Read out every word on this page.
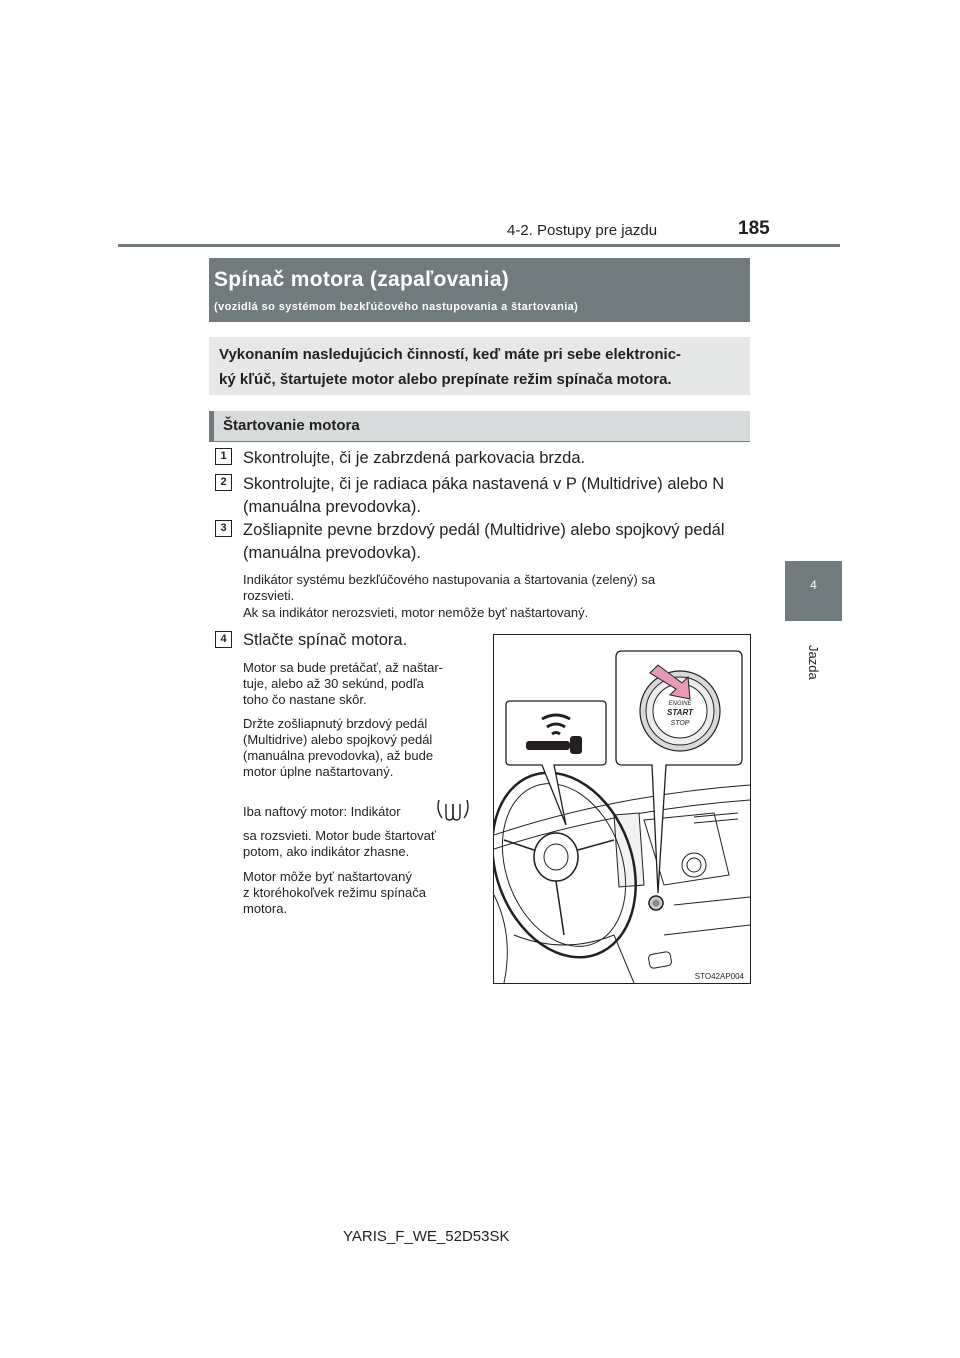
185
4-2. Postupy pre jazdu
4
Jazda
Spínač motora (zapaľovania)
(vozidlá so systémom bezkľúčového nastupovania a štartovania)

Vykonaním nasledujúcich činností, keď máte pri sebe elektronic-

ký kľúč, štartujete motor alebo prepínate režim spínača motora.

Štartovanie motora
1 Skontrolujte, či je zabrzdená parkovacia brzda.
2 Skontrolujte, či je radiaca páka nastavená v P (Multidrive) alebo N
(manuálna prevodovka).
3 Zošliapnite pevne brzdový pedál (Multidrive) alebo spojkový pedál
(manuálna prevodovka).
Indikátor systému bezkľúčového nastupovania a štartovania (zelený) sa
rozsvieti.
Ak sa indikátor nerozsvieti, motor nemôže byť naštartovaný.
4 Stlačte spínač motora.
Motor sa bude pretáčať, až naštar-
tuje, alebo až 30 sekúnd, podľa
toho čo nastane skôr.
Držte zošliapnutý brzdový pedál
(Multidrive) alebo spojkový pedál
(manuálna prevodovka), až bude
motor úplne naštartovaný.
Iba naftový motor: Indikátor
sa rozsvieti. Motor bude štartovať
potom, ako indikátor zhasne.
Motor môže byť naštartovaný
z ktoréhokoľvek režimu spínača
motora.
ENGINE
START
STOP
STO42AP004
YARIS_F_WE_52D53SK
